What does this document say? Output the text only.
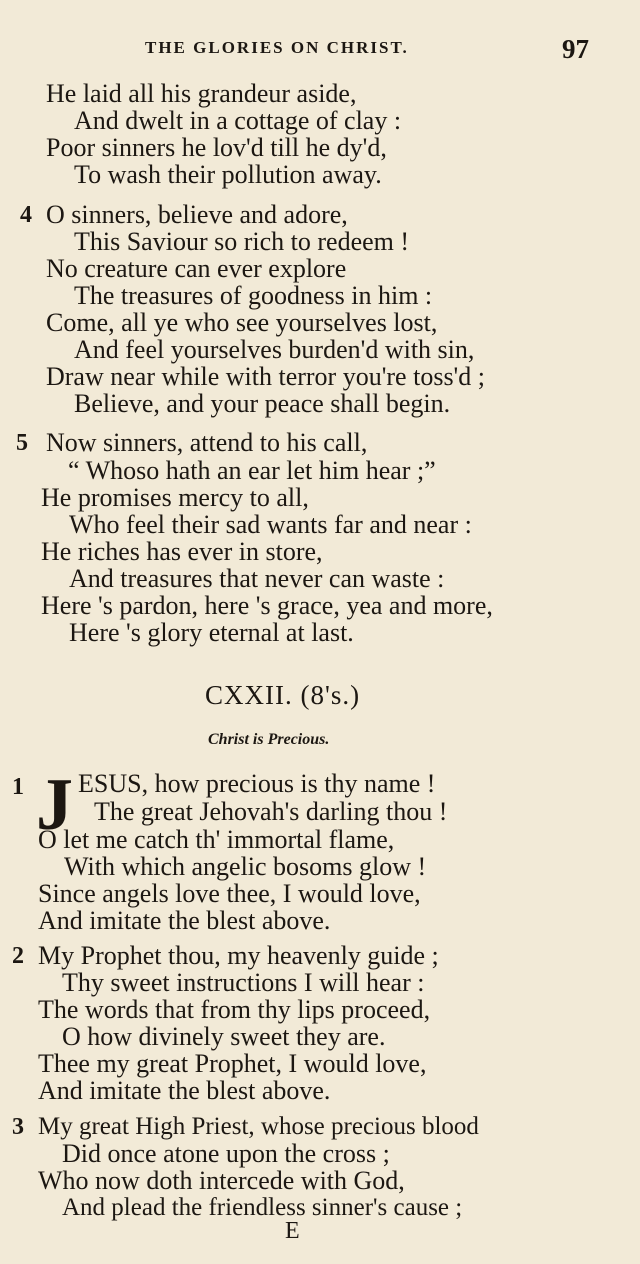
THE GLORIES ON CHRIST.	97
He laid all his grandeur aside,
And dwelt in a cottage of clay :
Poor sinners he lov'd till he dy'd,
To wash their pollution away.
4 O sinners, believe and adore,
This Saviour so rich to redeem !
No creature can ever explore
The treasures of goodness in him :
Come, all ye who see yourselves lost,
And feel yourselves burden'd with sin,
Draw near while with terror you're toss'd ;
Believe, and your peace shall begin.
5 Now sinners, attend to his call,
“ Whoso hath an ear let him hear ;”
He promises mercy to all,
Who feel their sad wants far and near :
He riches has ever in store,
And treasures that never can waste :
Here 's pardon, here 's grace, yea and more,
Here 's glory eternal at last.
CXXII. (8's.)
Christ is Precious.
1 J ESUS, how precious is thy name !
The great Jehovah's darling thou !
O let me catch th' immortal flame,
With which angelic bosoms glow !
Since angels love thee, I would love,
And imitate the blest above.
2 My Prophet thou, my heavenly guide ;
Thy sweet instructions I will hear :
The words that from thy lips proceed,
O how divinely sweet they are.
Thee my great Prophet, I would love,
And imitate the blest above.
3 My great High Priest, whose precious blood
Did once atone upon the cross ;
Who now doth intercede with God,
And plead the friendless sinner's cause ;
E
